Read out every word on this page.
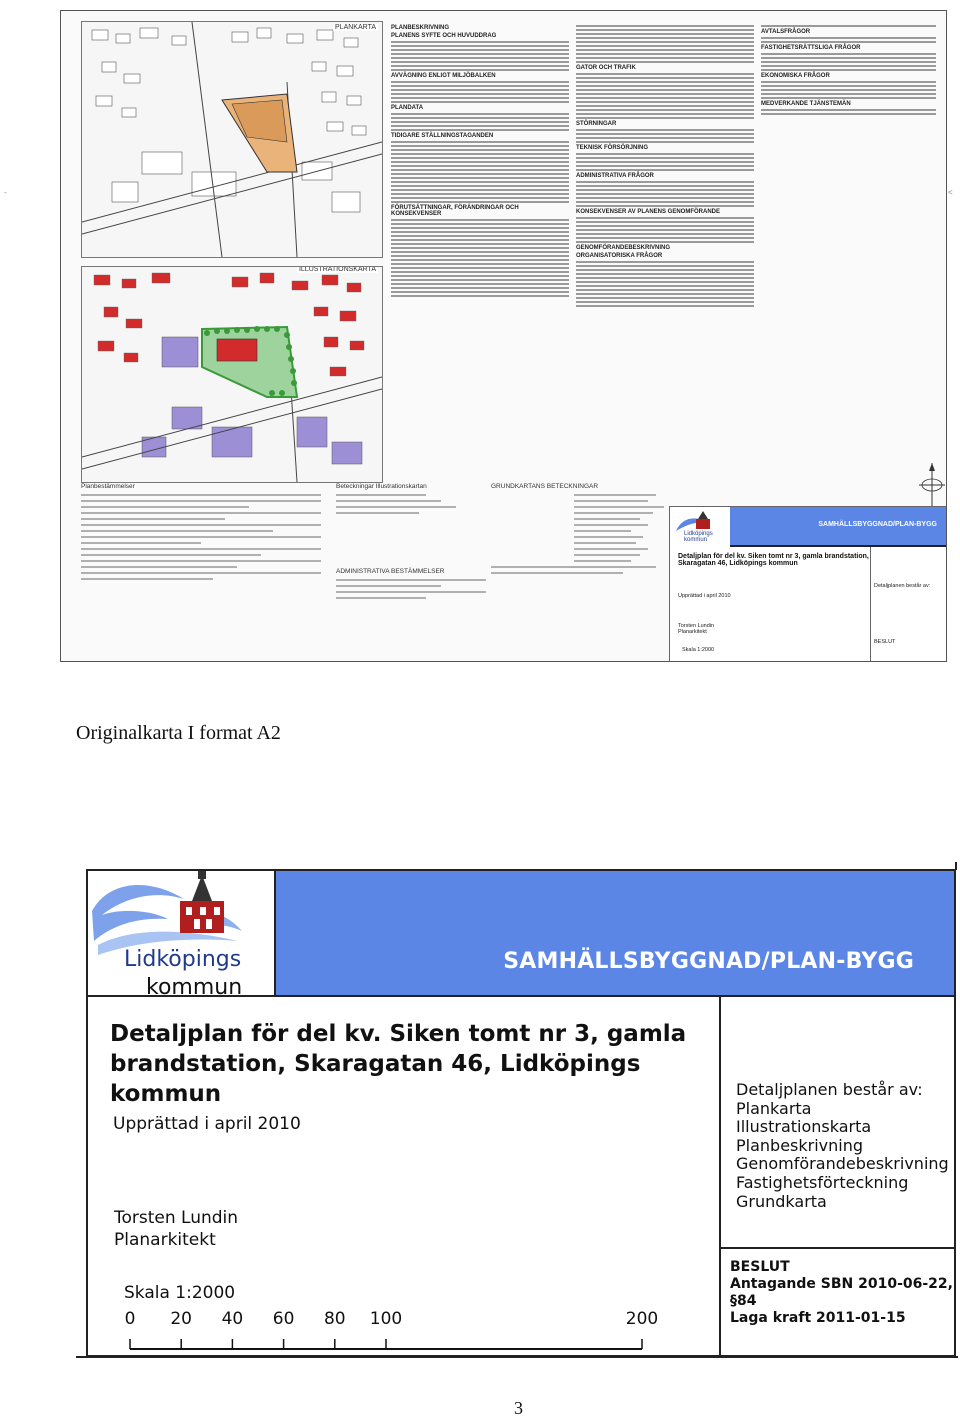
PLANKARTA
ILLUSTRATIONSKARTA
PLANBESKRIVNING
PLANENS SYFTE OCH HUVUDDRAG
AVVÄGNING ENLIGT MILJÖBALKEN
PLANDATA
TIDIGARE STÄLLNINGSTAGANDEN
FÖRUTSÄTTNINGAR, FÖRÄNDRINGAR OCH KONSEKVENSER
GATOR OCH TRAFIK
STÖRNINGAR
TEKNISK FÖRSÖRJNING
ADMINISTRATIVA FRÅGOR
KONSEKVENSER AV PLANENS GENOMFÖRANDE
GENOMFÖRANDEBESKRIVNING
ORGANISATORISKA FRÅGOR
AVTALSFRÅGOR
FASTIGHETSRÄTTSLIGA FRÅGOR
EKONOMISKA FRÅGOR
MEDVERKANDE TJÄNSTEMÄN
Planbestämmelser	Beteckningar Illustrationskartan
ADMINISTRATIVA BESTÄMMELSER
GRUNDKARTANS BETECKNINGAR
Lidköpings kommun
SAMHÄLLSBYGGNAD/PLAN-BYGG
Detaljplan för del kv. Siken tomt nr 3, gamla brandstation, Skaragatan 46, Lidköpings kommun
Upprättad i april 2010
Torsten Lundin Planarkitekt
Skala 1:2000
Detaljplanen består av:
BESLUT
-	<
Originalkarta I format A2
Lidköpings
kommun
SAMHÄLLSBYGGNAD/PLAN-BYGG
Detaljplan för del kv. Siken tomt nr 3, gamla
brandstation, Skaragatan 46, Lidköpings kommun
Upprättad i april 2010
Torsten Lundin
Planarkitekt
Skala 1:2000
0 20 40 60 80 100	200
Detaljplanen består av:
Plankarta
Illustrationskarta
Planbeskrivning
Genomförandebeskrivning
Fastighetsförteckning
Grundkarta
BESLUT
Antagande SBN 2010-06-22, §84
Laga kraft 2011-01-15
3
